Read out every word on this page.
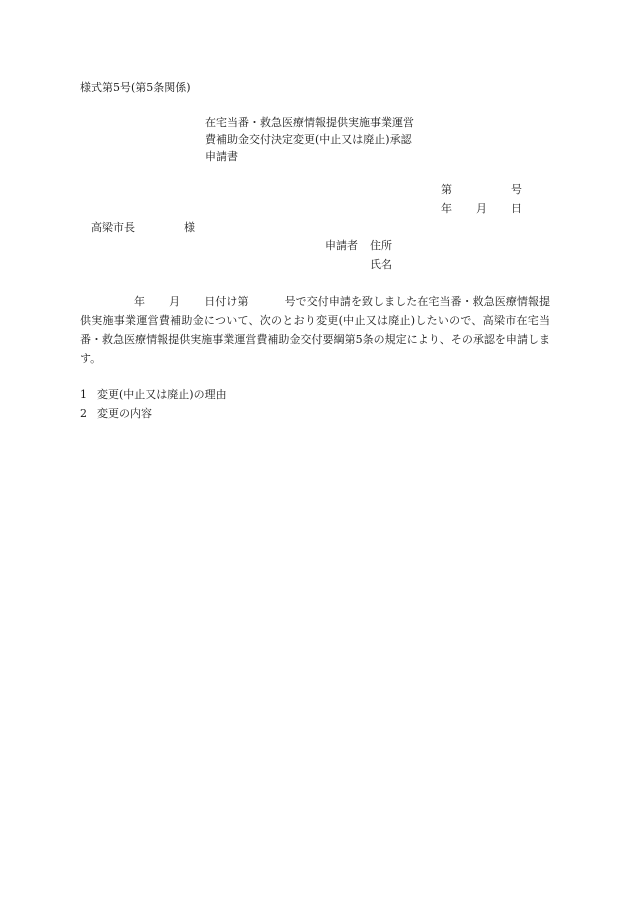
様式第5号(第5条関係)
在宅当番・救急医療情報提供実施事業運営
費補助金交付決定変更(中止又は廃止)承認
申請書
第	号
年 月 日
高梁市長	様
申請者 住所
氏名
年 月 日付け第	号で交付申請を致しました在宅当番・救急医療情報提供実施事業運営費補助金について、次のとおり変更(中止又は廃止)したいので、高梁市在宅当番・救急医療情報提供実施事業運営費補助金交付要綱第5条の規定により、その承認を申請します。
1 変更(中止又は廃止)の理由
2 変更の内容
